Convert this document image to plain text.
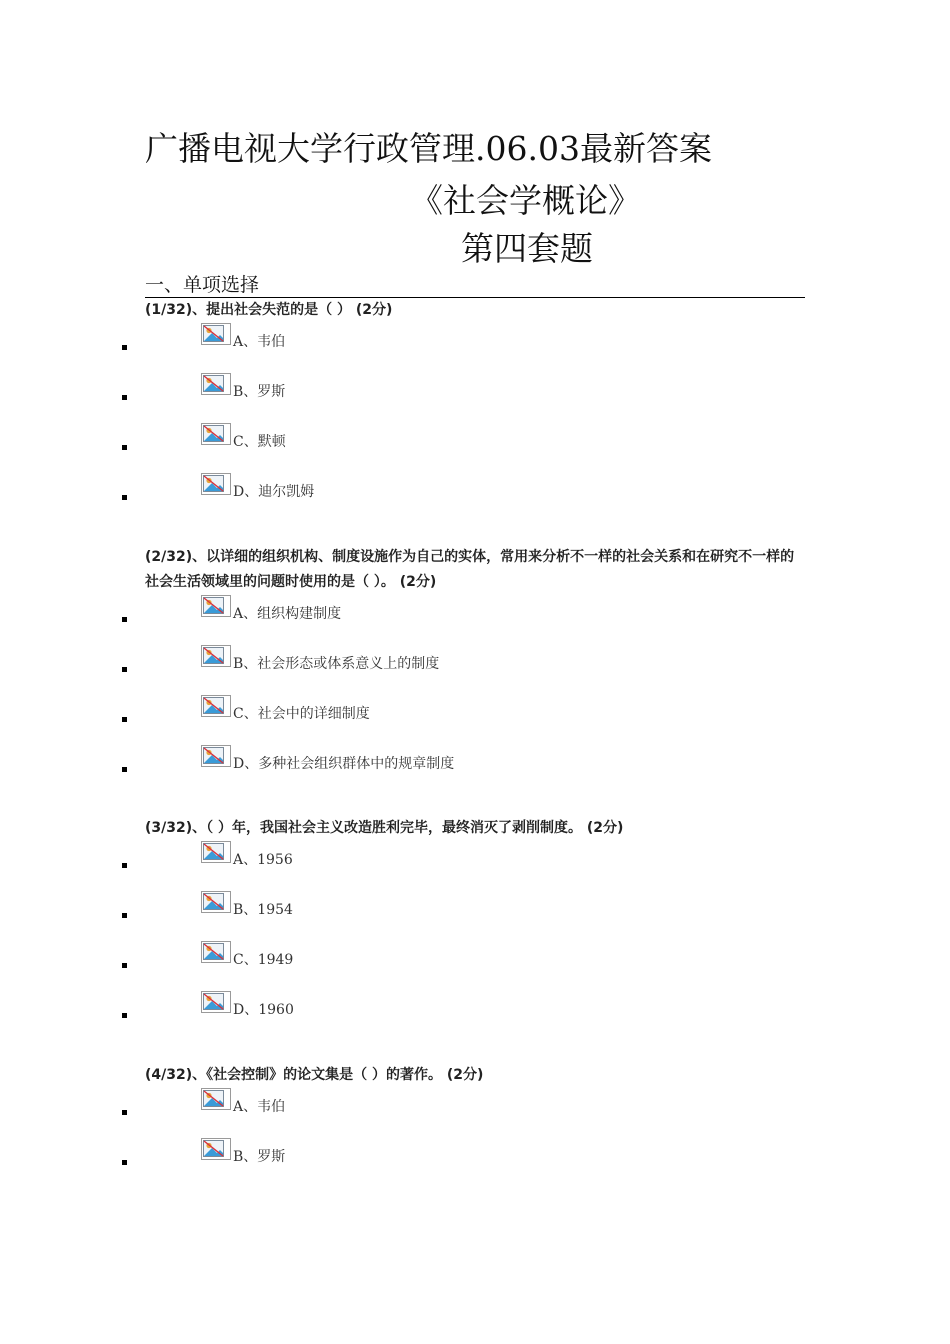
广播电视大学行政管理.06.03最新答案
《社会学概论》
第四套题
一、单项选择
(1/32)、提出社会失范的是（ ） (2分)
A、韦伯
B、罗斯
C、默顿
D、迪尔凯姆
(2/32)、以详细的组织机构、制度设施作为自己的实体，常用来分析不一样的社会关系和在研究不一样的社会生活领域里的问题时使用的是（ ）。 (2分)
A、组织构建制度
B、社会形态或体系意义上的制度
C、社会中的详细制度
D、多种社会组织群体中的规章制度
(3/32)、（ ）年，我国社会主义改造胜利完毕，最终消灭了剥削制度。 (2分)
A、1956
B、1954
C、1949
D、1960
(4/32)、《社会控制》的论文集是（ ）的著作。 (2分)
A、韦伯
B、罗斯
